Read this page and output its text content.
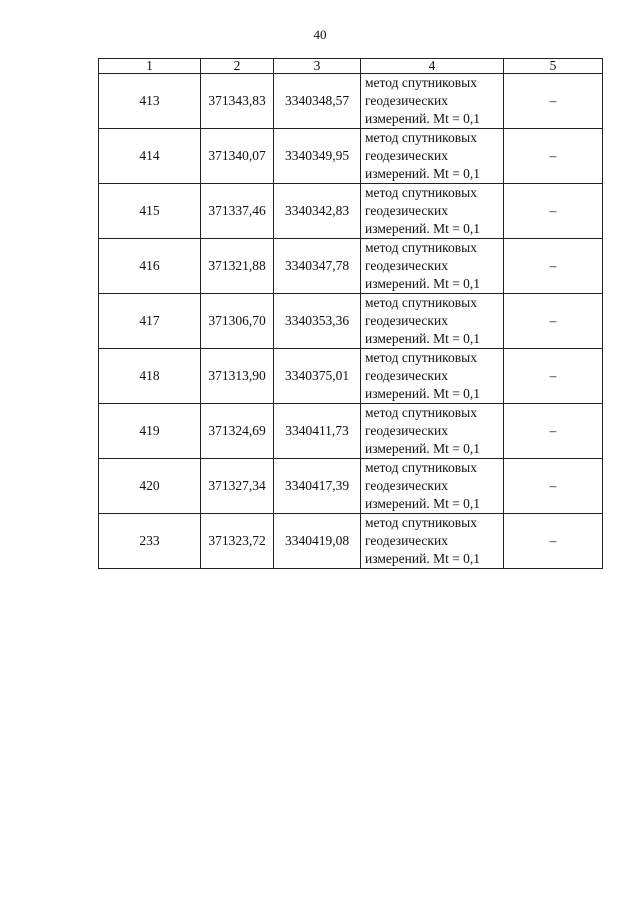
40
1	2	3	4	5
413	371343,83	3340348,57	метод спутниковых
геодезических
измерений. Mt = 0,1	–
414	371340,07	3340349,95	метод спутниковых
геодезических
измерений. Mt = 0,1	–
415	371337,46	3340342,83	метод спутниковых
геодезических
измерений. Mt = 0,1	–
416	371321,88	3340347,78	метод спутниковых
геодезических
измерений. Mt = 0,1	–
417	371306,70	3340353,36	метод спутниковых
геодезических
измерений. Mt = 0,1	–
418	371313,90	3340375,01	метод спутниковых
геодезических
измерений. Mt = 0,1	–
419	371324,69	3340411,73	метод спутниковых
геодезических
измерений. Mt = 0,1	–
420	371327,34	3340417,39	метод спутниковых
геодезических
измерений. Mt = 0,1	–
233	371323,72	3340419,08	метод спутниковых
геодезических
измерений. Mt = 0,1	–
